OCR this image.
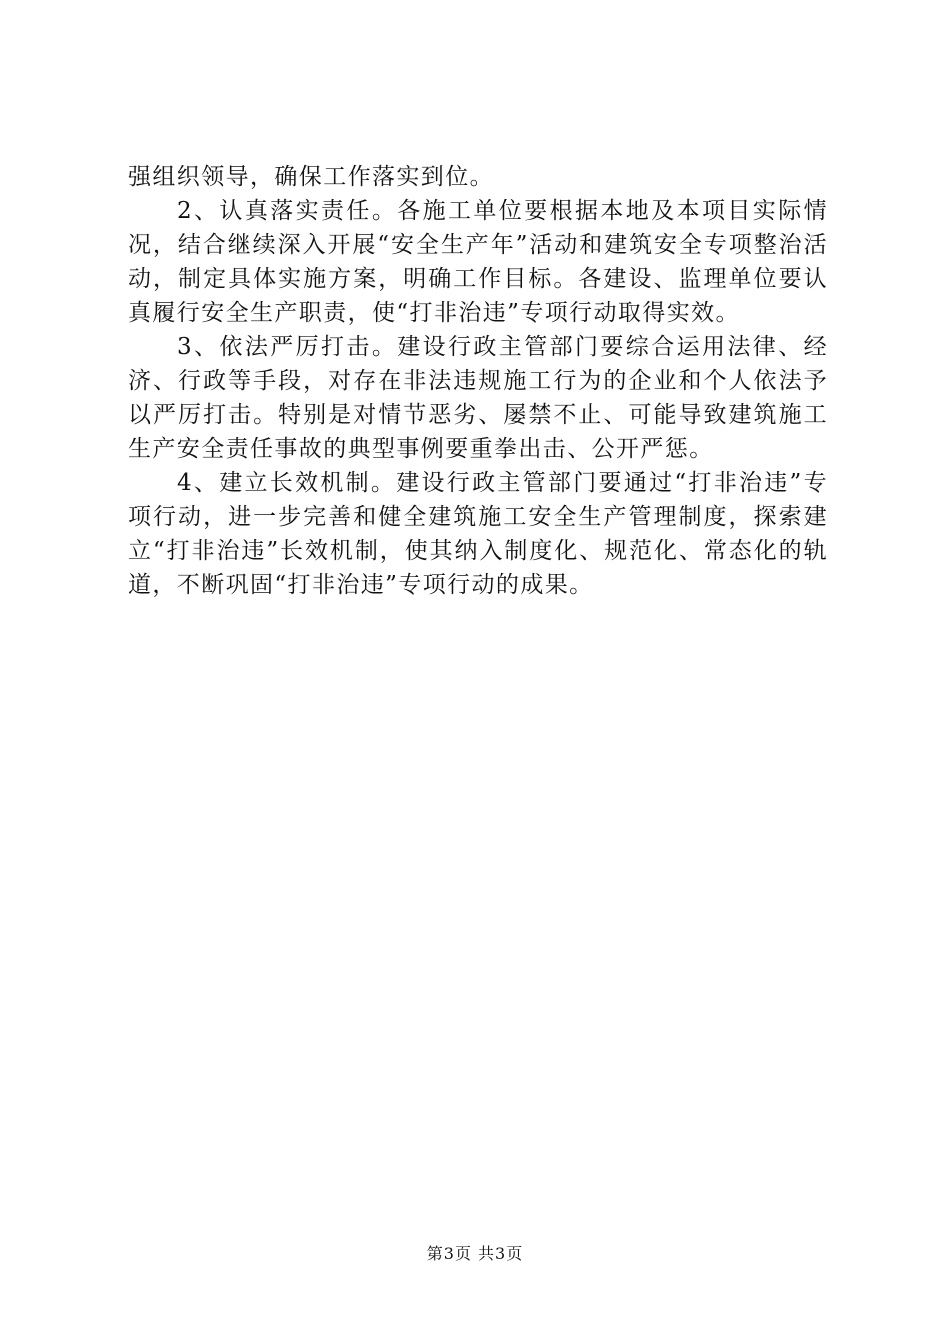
强组织领导，确保工作落实到位。

2、认真落实责任。各施工单位要根据本地及本项目实际情况，结合继续深入开展“安全生产年”活动和建筑安全专项整治活动，制定具体实施方案，明确工作目标。各建设、监理单位要认真履行安全生产职责，使“打非治违”专项行动取得实效。

3、依法严厉打击。建设行政主管部门要综合运用法律、经济、行政等手段，对存在非法违规施工行为的企业和个人依法予以严厉打击。特别是对情节恶劣、屡禁不止、可能导致建筑施工生产安全责任事故的典型事例要重拳出击、公开严惩。

4、建立长效机制。建设行政主管部门要通过“打非治违”专项行动，进一步完善和健全建筑施工安全生产管理制度，探索建立“打非治违”长效机制，使其纳入制度化、规范化、常态化的轨道，不断巩固“打非治违”专项行动的成果。

第3页 共3页
